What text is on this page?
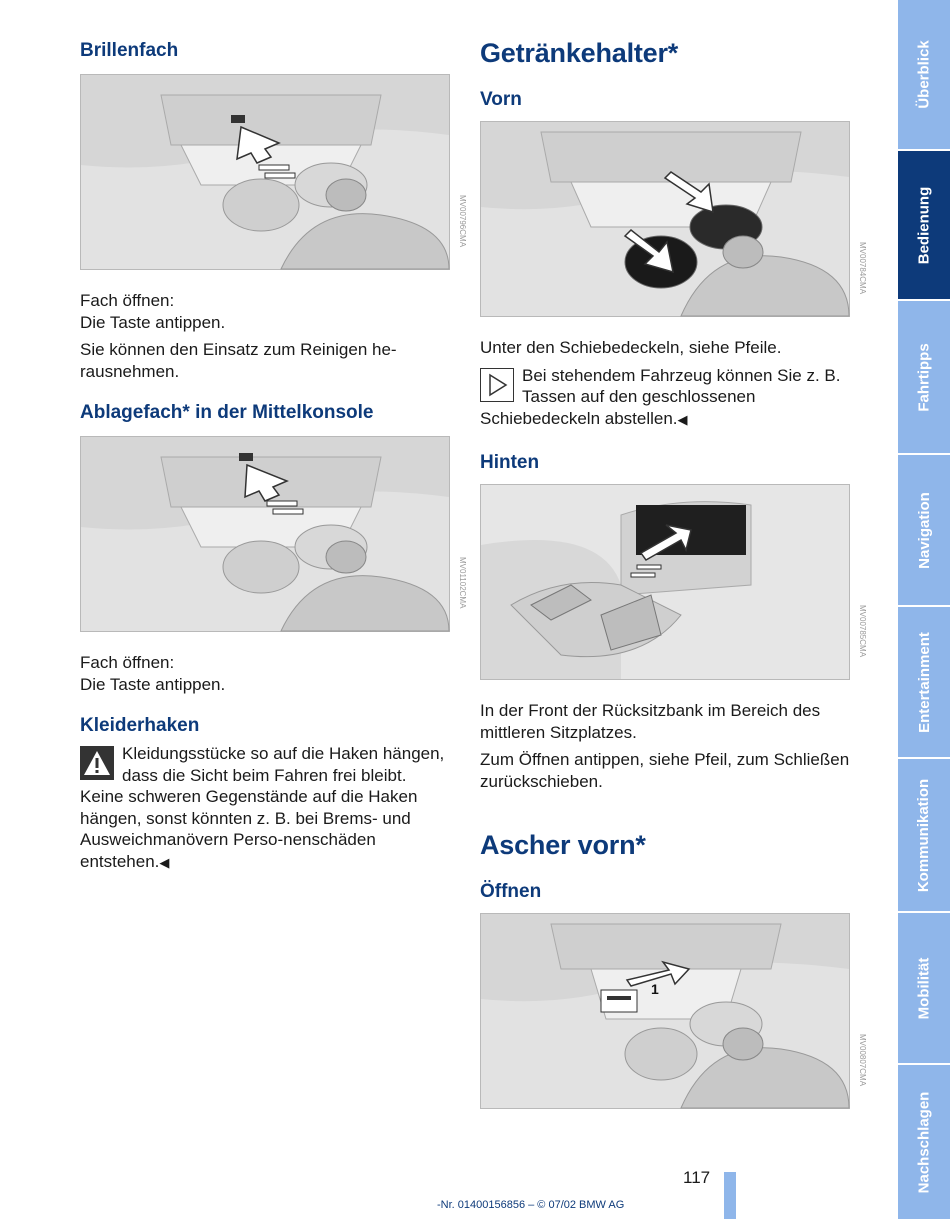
Brillenfach
MV00796CMA

Fach öffnen:

Die Taste antippen.

Sie können den Einsatz zum Reinigen he-rausnehmen.

Ablagefach* in der Mittelkonsole
MV01102CMA

Fach öffnen:

Die Taste antippen.

Kleiderhaken

Kleidungsstücke so auf die Haken hängen, dass die Sicht beim Fahren frei bleibt. Keine schweren Gegenstände auf die Haken hängen, sonst könnten z. B. bei Brems- und Ausweichmanövern Perso-nenschäden entstehen.◀

Getränkehalter*
Vorn
MV00784CMA

Unter den Schiebedeckeln, siehe Pfeile.

Bei stehendem Fahrzeug können Sie z. B. Tassen auf den geschlossenen Schiebedeckeln abstellen.◀

Hinten
MV00785CMA

In der Front der Rücksitzbank im Bereich des mittleren Sitzplatzes.

Zum Öffnen antippen, siehe Pfeil, zum Schließen zurückschieben.

Ascher vorn*
Öffnen
1
MV00807CMA
Überblick
Bedienung
Fahrtipps
Navigation
Entertainment
Kommunikation
Mobilität
Nachschlagen
117
-Nr. 01400156856 – © 07/02 BMW AG
